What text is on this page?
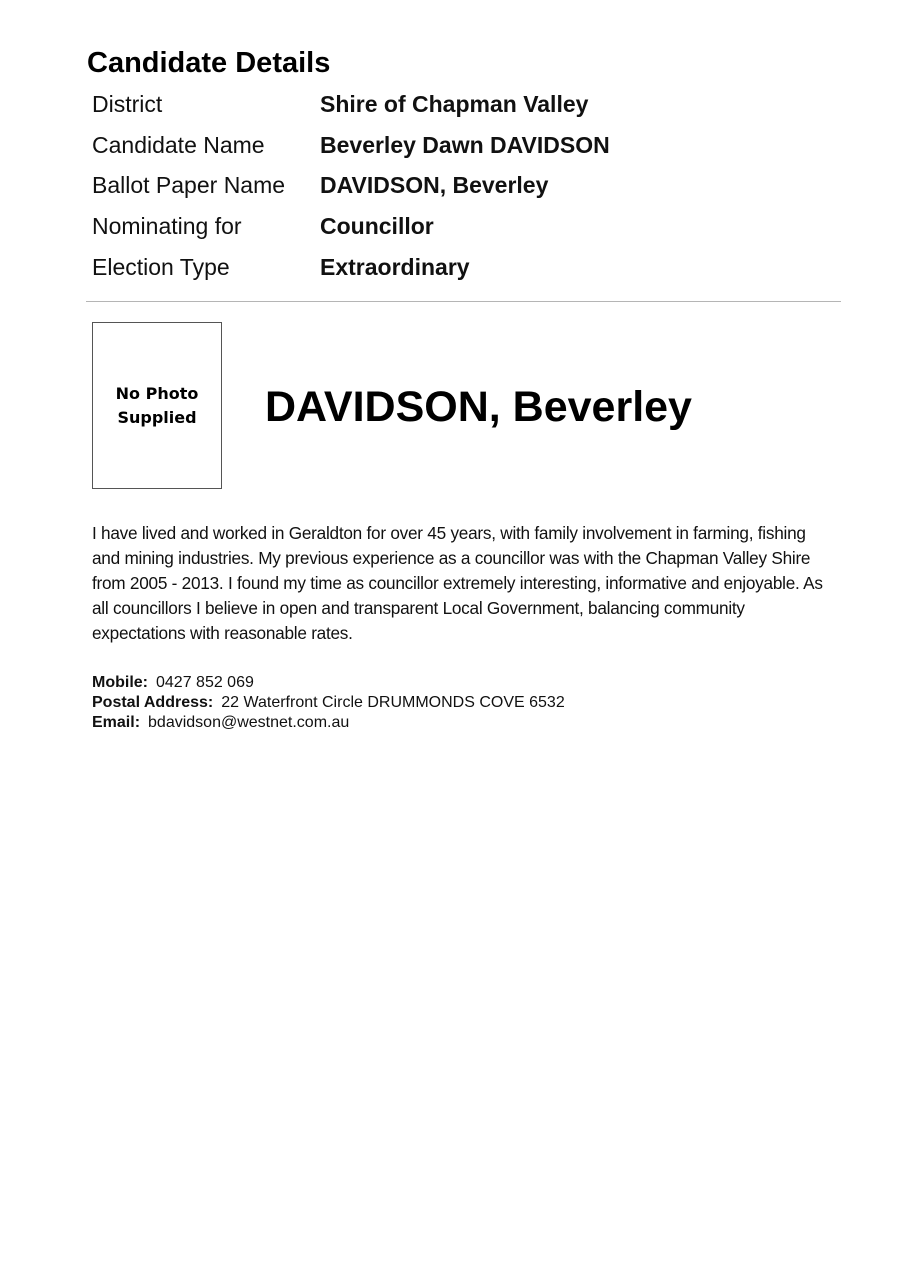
Candidate Details
District	Shire of Chapman Valley
Candidate Name	Beverley Dawn DAVIDSON
Ballot Paper Name	DAVIDSON, Beverley
Nominating for	Councillor
Election Type	Extraordinary
No Photo
Supplied DAVIDSON, Beverley

I have lived and worked in Geraldton for over 45 years, with family involvement in farming, fishing and mining industries. My previous experience as a councillor was with the Chapman Valley Shire from 2005 - 2013. I found my time as councillor extremely interesting, informative and enjoyable. As all councillors I believe in open and transparent Local Government, balancing community expectations with reasonable rates.

Mobile: 0427 852 069
Postal Address: 22 Waterfront Circle DRUMMONDS COVE 6532
Email: bdavidson@westnet.com.au
